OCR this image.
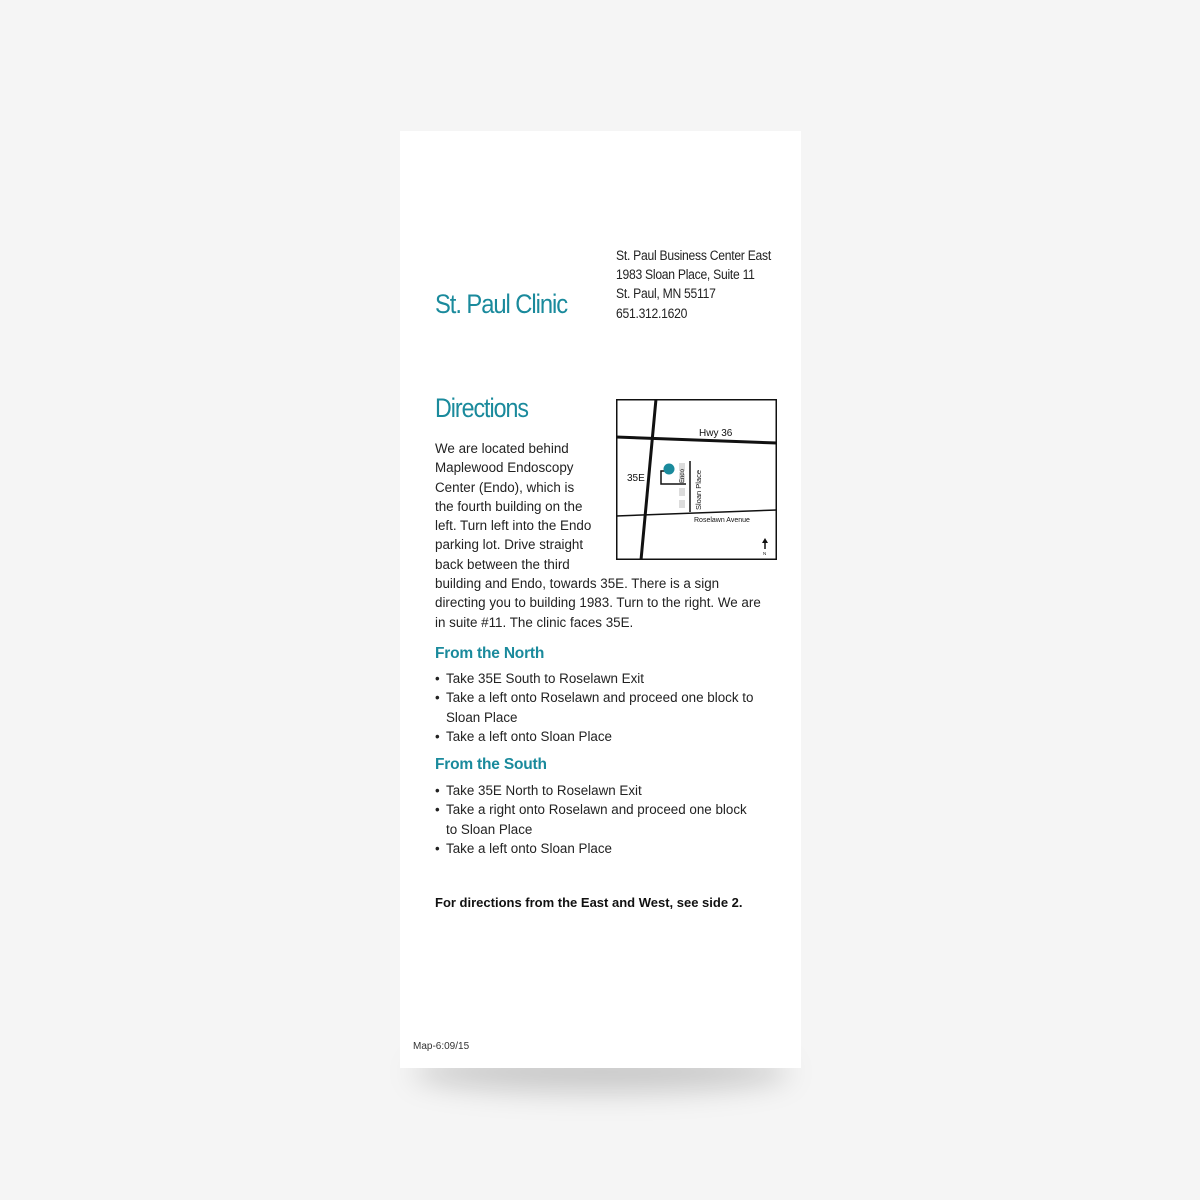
St. Paul Clinic
St. Paul Business Center East
1983 Sloan Place, Suite 11
St. Paul, MN 55117
651.312.1620
Directions
We are located behind
Maplewood Endoscopy
Center (Endo), which is
the fourth building on the
left. Turn left into the Endo
parking lot. Drive straight
back between the third
building and Endo, towards 35E. There is a sign
directing you to building 1983. Turn to the right. We are
in suite #11. The clinic faces 35E.
Hwy 36
35E	Endo Sloan Place
Roselawn Avenue
N
From the North
• Take 35E South to Roselawn Exit
• Take a left onto Roselawn and proceed one block to
Sloan Place
• Take a left onto Sloan Place
From the South
• Take 35E North to Roselawn Exit
• Take a right onto Roselawn and proceed one block
to Sloan Place
• Take a left onto Sloan Place
For directions from the East and West, see side 2.
Map-6:09/15
